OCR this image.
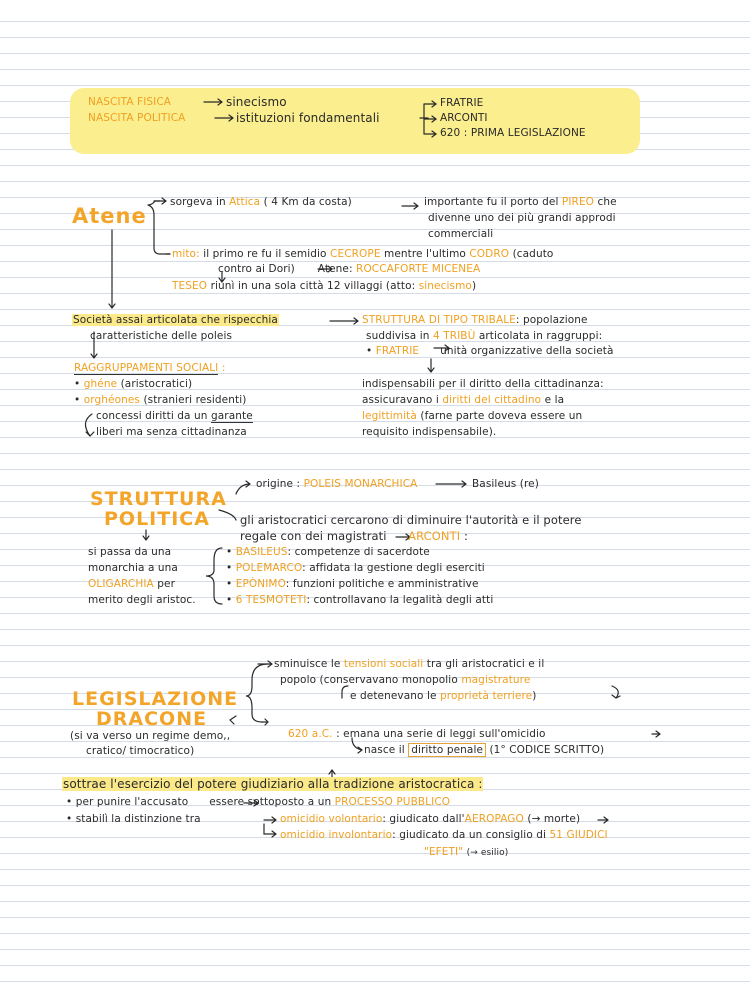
NASCITA FISICA	sinecismo
NASCITA POLITICA	istituzioni fondamentali
FRATRIE
ARCONTI
620 : PRIMA LEGISLAZIONE
Atene
sorgeva in Attica ( 4 Km da costa)	importante fu il porto del PIREO che
divenne uno dei più grandi approdi
commerciali
mito: il primo re fu il semidio CECROPE mentre l'ultimo CODRO (caduto
contro ai Dori) Atene: ROCCAFORTE MICENEA
TESEO riunì in una sola città 12 villaggi (atto: sinecismo)
Società assai articolata che rispecchia
caratteristiche delle poleis
STRUTTURA DI TIPO TRIBALE: popolazione
suddivisa in 4 TRIBÙ articolata in raggruppi:
• FRATRIE unità organizzative della società
RAGGRUPPAMENTI SOCIALI :
• ghéne (aristocratici)
• orghéones (stranieri residenti)
concessi diritti da un garante
liberi ma senza cittadinanza
indispensabili per il diritto della cittadinanza:
assicuravano i diritti del cittadino e la
legittimità (farne parte doveva essere un
requisito indispensabile).
STRUTTURA
POLITICA
origine : POLEIS MONARCHICA	Basileus (re)
gli aristocratici cercarono di diminuire l'autorità e il potere
regale con dei magistrati ARCONTI :
si passa da una
monarchia a una
OLIGARCHIA per
merito degli aristoc.
• BASILEUS: competenze di sacerdote
• POLEMARCO: affidata la gestione degli eserciti
• EPÒNIMO: funzioni politiche e amministrative
• 6 TESMOTETI: controllavano la legalità degli atti
LEGISLAZIONE
DRACONE
sminuisce le tensioni sociali tra gli aristocratici e il
popolo (conservavano monopolio magistrature
e detenevano le proprietà terriere)
(si va verso un regime demo,,
cratico/ timocratico)
620 a.C. : emana una serie di leggi sull'omicidio
nasce il diritto penale (1° CODICE SCRITTO)
sottrae l'esercizio del potere giudiziario alla tradizione aristocratica :
• per punire l'accusato essere sottoposto a un PROCESSO PUBBLICO
• stabilì la distinzione tra	omicidio volontario: giudicato dall'AEROPAGO (→ morte)
omicidio involontario: giudicato da un consiglio di 51 GIUDICI
"EFETI" (→ esilio)
